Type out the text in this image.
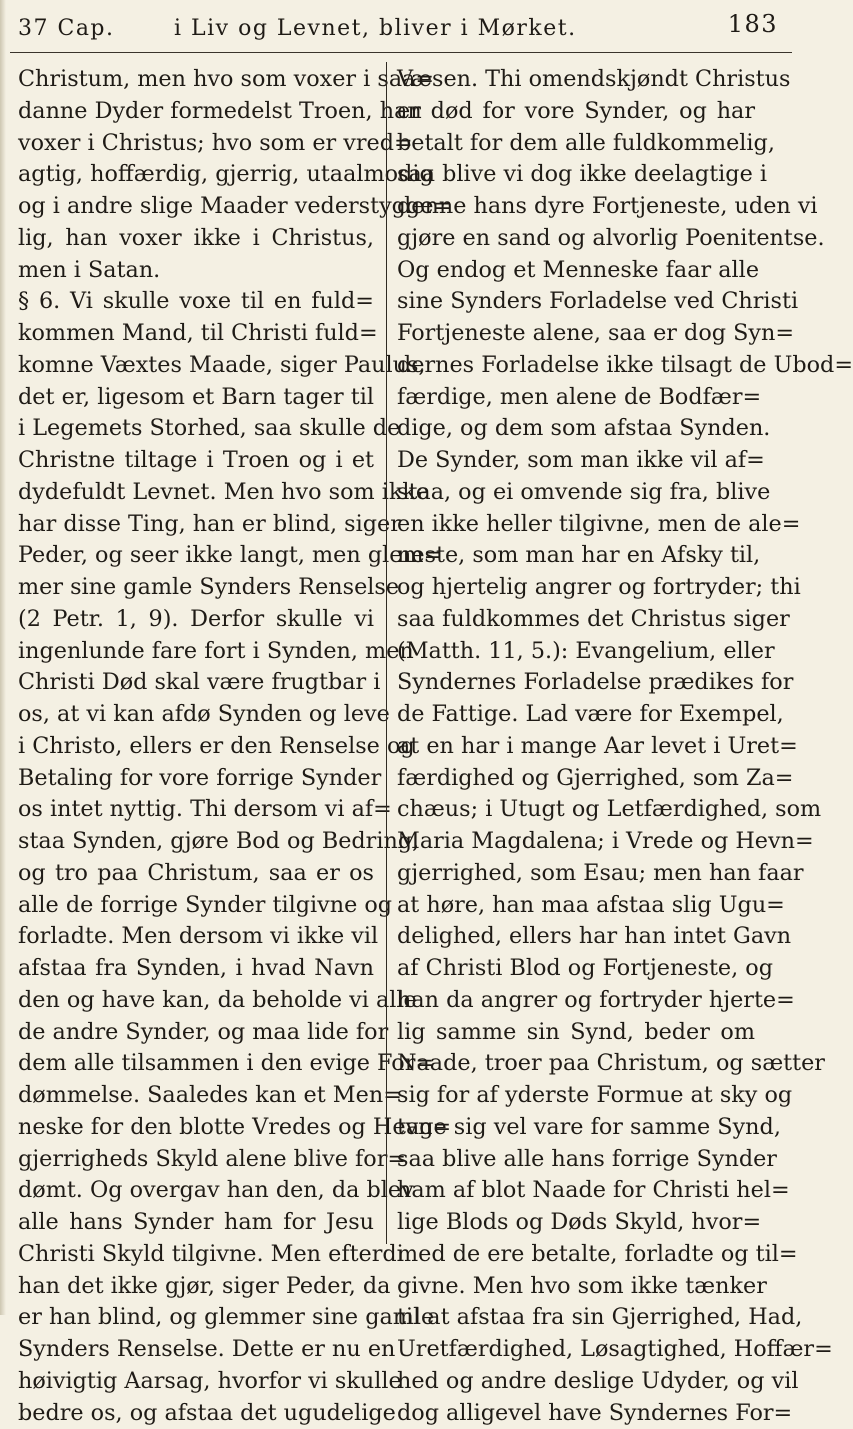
37 Cap.	i Liv og Levnet, bliver i Mørket.	183
Christum, men hvo som voxer i saa=
danne Dyder formedelst Troen, han
voxer i Christus; hvo som er vred=
agtig, hoffærdig, gjerrig, utaalmodig
og i andre slige Maader vederstygge=
lig, han voxer ikke i Christus,
men i Satan.
§ 6. Vi skulle voxe til en fuld=
kommen Mand, til Christi fuld=
komne Væxtes Maade, siger Paulus,
det er, ligesom et Barn tager til
i Legemets Storhed, saa skulle de
Christne tiltage i Troen og i et
dydefuldt Levnet. Men hvo som ikke
har disse Ting, han er blind, siger
Peder, og seer ikke langt, men glem=
mer sine gamle Synders Renselse
(2 Petr. 1, 9). Derfor skulle vi
ingenlunde fare fort i Synden, men
Christi Død skal være frugtbar i
os, at vi kan afdø Synden og leve
i Christo, ellers er den Renselse og
Betaling for vore forrige Synder
os intet nyttig. Thi dersom vi af=
staa Synden, gjøre Bod og Bedring,
og tro paa Christum, saa er os
alle de forrige Synder tilgivne og
forladte. Men dersom vi ikke vil
afstaa fra Synden, i hvad Navn
den og have kan, da beholde vi alle
de andre Synder, og maa lide for
dem alle tilsammen i den evige For=
dømmelse. Saaledes kan et Men=
neske for den blotte Vredes og Hevn=
gjerrigheds Skyld alene blive for=
dømt. Og overgav han den, da blev
alle hans Synder ham for Jesu
Christi Skyld tilgivne. Men efterdi
han det ikke gjør, siger Peder, da
er han blind, og glemmer sine gamle
Synders Renselse. Dette er nu en
høivigtig Aarsag, hvorfor vi skulle
bedre os, og afstaa det ugudelige
Væsen. Thi omendskjøndt Christus
er død for vore Synder, og har
betalt for dem alle fuldkommelig,
saa blive vi dog ikke deelagtige i
denne hans dyre Fortjeneste, uden vi
gjøre en sand og alvorlig Poenitentse.
Og endog et Menneske faar alle
sine Synders Forladelse ved Christi
Fortjeneste alene, saa er dog Syn=
dernes Forladelse ikke tilsagt de Ubod=
færdige, men alene de Bodfær=
dige, og dem som afstaa Synden.
De Synder, som man ikke vil af=
staa, og ei omvende sig fra, blive
en ikke heller tilgivne, men de ale=
neste, som man har en Afsky til,
og hjertelig angrer og fortryder; thi
saa fuldkommes det Christus siger
(Matth. 11, 5.): Evangelium, eller
Syndernes Forladelse prædikes for
de Fattige. Lad være for Exempel,
at en har i mange Aar levet i Uret=
færdighed og Gjerrighed, som Za=
chæus; i Utugt og Letfærdighed, som
Maria Magdalena; i Vrede og Hevn=
gjerrighed, som Esau; men han faar
at høre, han maa afstaa slig Ugu=
delighed, ellers har han intet Gavn
af Christi Blod og Fortjeneste, og
han da angrer og fortryder hjerte=
lig samme sin Synd, beder om
Naade, troer paa Christum, og sætter
sig for af yderste Formue at sky og
tage sig vel vare for samme Synd,
saa blive alle hans forrige Synder
ham af blot Naade for Christi hel=
lige Blods og Døds Skyld, hvor=
med de ere betalte, forladte og til=
givne. Men hvo som ikke tænker
til at afstaa fra sin Gjerrighed, Had,
Uretfærdighed, Løsagtighed, Hoffær=
hed og andre deslige Udyder, og vil
dog alligevel have Syndernes For=
